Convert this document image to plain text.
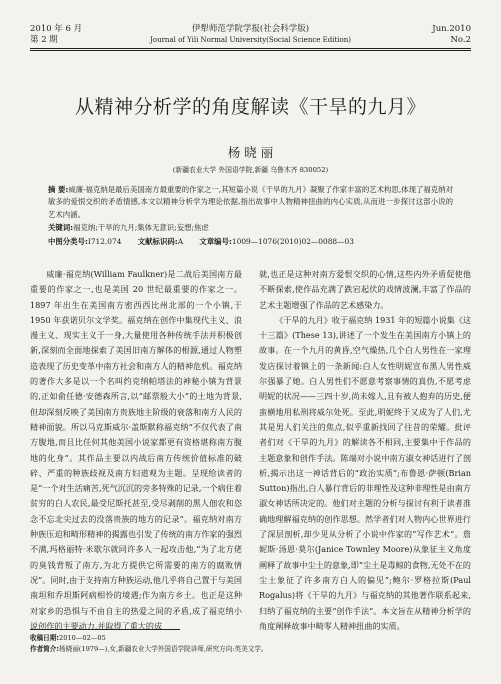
2010 年 6 月
第 2 期
伊犁师范学院学报(社会科学版)
Journal of Yili Normal University(Social Science Edition)
Jun.2010
No.2
从精神分析学的角度解读《干旱的九月》
杨 晓 丽
(新疆农业大学 外国语学院,新疆 乌鲁木齐 830052)
摘 要:威廉·福克纳是最后美国南方最重要的作家之一,其短篇小说《干旱的九月》凝聚了作家丰富的艺术构思,体现了福克纳对敏多的爱恨交织的矛盾情感,本文以精神分析学为理论依据,指出故事中人物精神扭曲的内心实质,从而进一步探讨这部小说的艺术内涵。
关键词:福克纳;干旱的九月;集体无意识;妄想;焦虑
中图分类号:I712.074 文献标识码:A 文章编号:1009—1076(2010)02—0088—03

威廉·福克纳(William Faulkner)是二战后美国南方最重要的作家之一,也是美国 20 世纪最重要的作家之一。1897 年出生在美国南方密西西比州北部的一个小镇,于 1950 年获诺贝尔文学奖。福克纳在创作中集现代主义、浪漫主义、现实主义于一身,大量使用各种传统手法并积极创新,深刻而全面地探索了美国旧南方解体的根源,通过人物塑造表现了历史变革中南方社会和南方人的精神危机。福克纳的著作大多是以一个名叫约克纳帕塔法的神秘小镇为背景的,正如俞任德·安德森所言,以“邮票般大小”的土地为背景,但却深刻反映了美国南方贵族地主阶级的衰落和南方人民的精神面貌。所以马克斯威尔·盖斯默称福克纳“不仅代表了南方腹地,而且比任何其他美国小说家都更有资格堪称南方腹地的化身”。其作品主要以内战后南方传统价值标准的破碎、严重的种族歧视及南方妇道观为主题。呈现给读者的是“一个对生活痛苦,死气沉沉的旁多特殊的记录,一个病住着贫穷的白人农民,最受尼斯托甚至,受尽剥削的黑人佃农和恣念不忘北尖过去的没落贵族的地方的记录”。福克纳对南方种族压迫和畸形精神的揭露也引发了传统的南方作家的强烈不满,玛格丽特·米歇尔就同许多人一起攻击他,“为了北方佬的臭钱背叛了南方,为北方提供它所需要的南方的腐败情况”。同时,由于支持南方种族运动,他几乎将自己置于与美国南坦和乔坦斯阿病相怜的境遇;作为南方乡土。也正是这种对家乡的恐惧与不由自主的热爱之间的矛盾,成了福克纳小说创作的主要动力,并取得了重大的成

就,也正是这种对南方爱恨交织的心情,这些内外矛盾促使他不断探索,使作品充满了跌宕起伏的戏情波澜,丰富了作品的艺术主题增强了作品的艺术感染力。

《干旱的九月》收于福克纳 1931 年的短篇小说集《这十三篇》(These 13),讲述了一个发生在美国南方小镇上的故事。在一个九月的黄昏,空气燥热,几个白人男性在一家理发店探讨着镇上的一条新闻:白人女性明妮宣布黑人男性威尔强暴了她。白人男性们不愿意考察事情的真伪,不愿考虑明妮的状况——三四十岁,尚未嫁人,且有被人抱弃的历史,便蛮横地用私刑将威尔处死。至此,明妮终于又成为了人们,尤其是男人们关注的焦点,似乎重新找回了往昔的荣耀。批评者们对《干旱的九月》的解读各不相同,主要集中于作品的主题意象和创作手法。陈端对小说中南方淑女神话进行了剖析,揭示出这一神话背后的“政治实质”;布鲁恩·萨顿(Brian Sutton)指出,白人暴行背后的非理性及这种非理性是由南方淑女神话所决定的。他们对主题的分析与探讨有利于读者准确地理解福克纳的创作思想。然学者们对人物内心世界进行了深层剖析,却少见从分析了小说中作家的“写作艺术”。詹妮斯·汤恩·莫尔(Janice Townley Moore)从象征主义角度阐释了故事中尘土的意象,即“尘土是毒鲸的食物,无处不在的尘土象征了许多南方白人的偏见”;鲍尔·罗格拉斯(Paul Rogalus)将《干旱的九月》与福克纳的其他著作联系起来,归纳了福克纳的主要“创作手法”。本文旨在从精神分析学的角度阐释故事中畸零人精神扭曲的实质。

收稿日期:2010—02—05
作者简介:杨晓丽(1979—),女,新疆农业大学外国语学院讲师,研究方向:英美文学。
